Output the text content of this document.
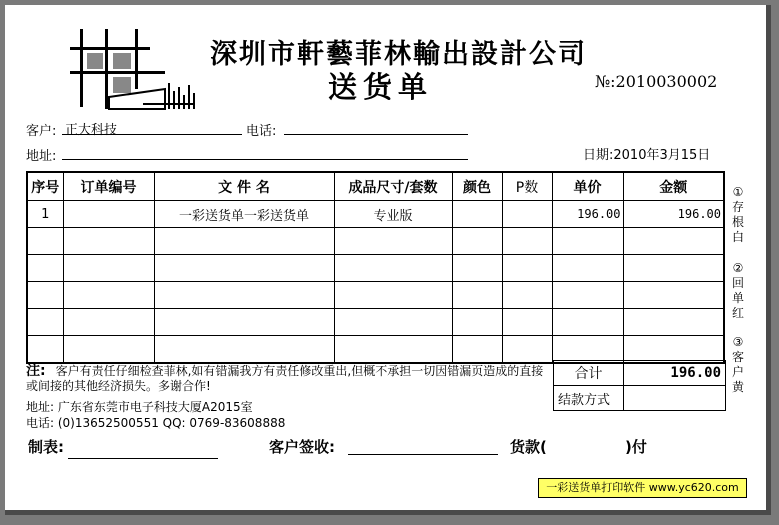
深圳市軒藝菲林輸出設計公司
送货单	№:2010030002
客户: 正大科技	电话:
地址:	日期:2010年3月15日
序号	订单编号	文 件 名	成品尺寸/套数	颜色	P数	单价	金额
1		一彩送货单一彩送货单	专业版			196.00	196.00

①存根白
②回单红
③客户黄
注: 客户有责任仔细检查菲林,如有错漏我方有责任修改重出,但概不承担一切因错漏页造成的直接或间接的其他经济损失。多谢合作!
合计	196.00
结款方式	
地址: 广东省东莞市电子科技大厦A2015室
电话: (0)13652500551 QQ: 0769-83608888
制表:	客户签收:	货款(	)付
一彩送货单打印软件 www.yc620.com
